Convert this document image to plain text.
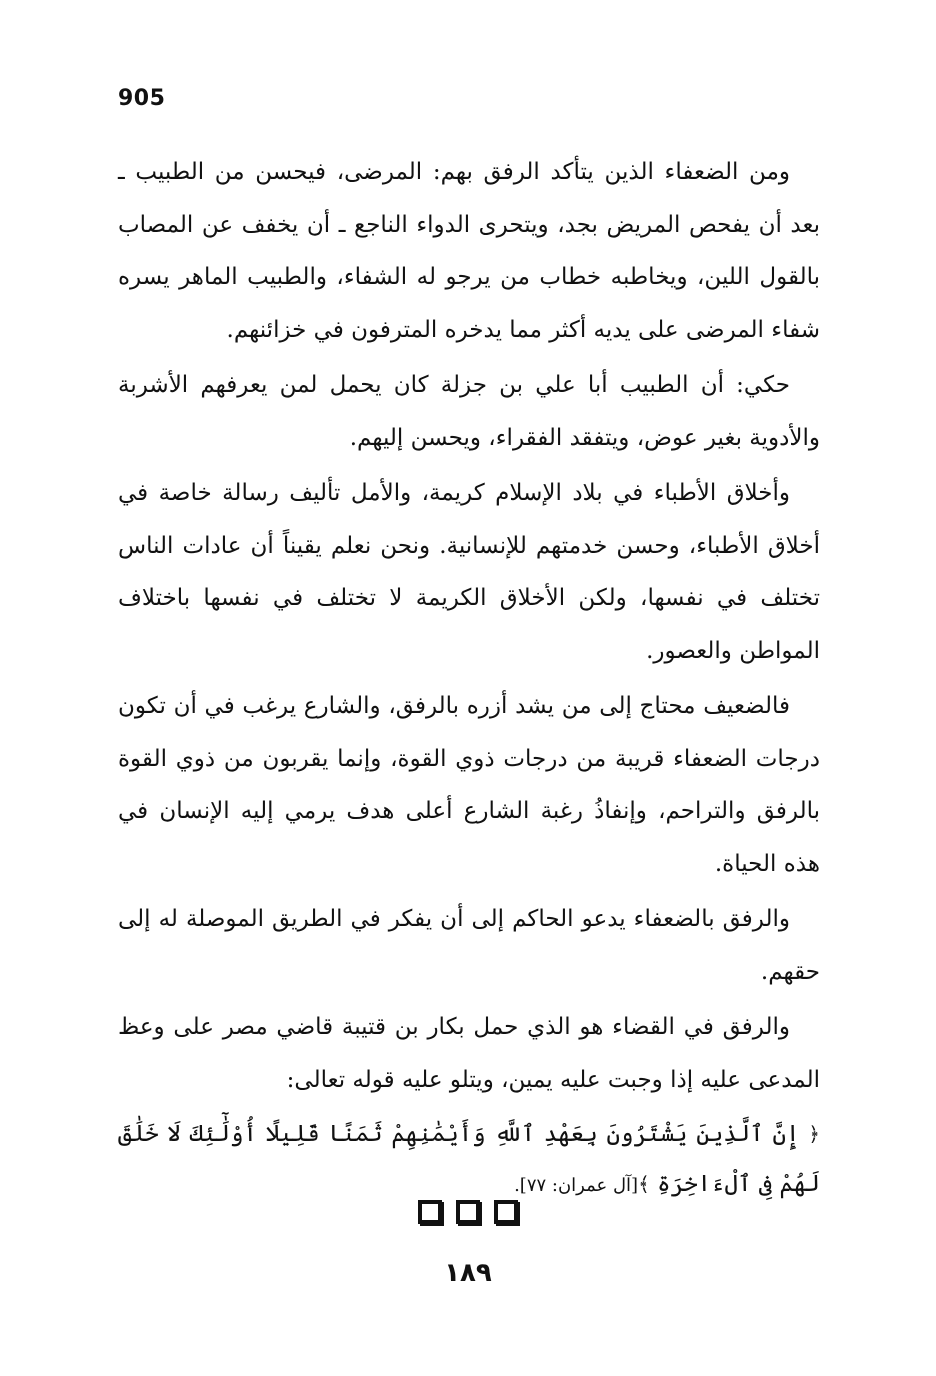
905

ومن الضعفاء الذين يتأكد الرفق بهم: المرضى، فيحسن من الطبيب ـ بعد أن يفحص المريض بجد، ويتحرى الدواء الناجع ـ أن يخفف عن المصاب بالقول اللين، ويخاطبه خطاب من يرجو له الشفاء، والطبيب الماهر يسره شفاء المرضى على يديه أكثر مما يدخره المترفون في خزائنهم.

حكي: أن الطبيب أبا علي بن جزلة كان يحمل لمن يعرفهم الأشربة والأدوية بغير عوض، ويتفقد الفقراء، ويحسن إليهم.

وأخلاق الأطباء في بلاد الإسلام كريمة، والأمل تأليف رسالة خاصة في أخلاق الأطباء، وحسن خدمتهم للإنسانية. ونحن نعلم يقيناً أن عادات الناس تختلف في نفسها، ولكن الأخلاق الكريمة لا تختلف في نفسها باختلاف المواطن والعصور.

فالضعيف محتاج إلى من يشد أزره بالرفق، والشارع يرغب في أن تكون درجات الضعفاء قريبة من درجات ذوي القوة، وإنما يقربون من ذوي القوة بالرفق والتراحم، وإنفاذُ رغبة الشارع أعلى هدف يرمي إليه الإنسان في هذه الحياة.

والرفق بالضعفاء يدعو الحاكم إلى أن يفكر في الطريق الموصلة له إلى حقهم.

والرفق في القضاء هو الذي حمل بكار بن قتيبة قاضي مصر على وعظ المدعى عليه إذا وجبت عليه يمين، ويتلو عليه قوله تعالى:

﴿ إِنَّ ٱلَّذِينَ يَشْتَرُونَ بِعَهْدِ ٱللَّهِ وَأَيْمَٰنِهِمْ ثَمَنًا قَلِيلًا أُوْلَٰٓئِكَ لَا خَلَٰقَ لَهُمْ فِى ٱلْءَاخِرَةِ ﴾[آل عمران: ٧٧].
١٨٩
